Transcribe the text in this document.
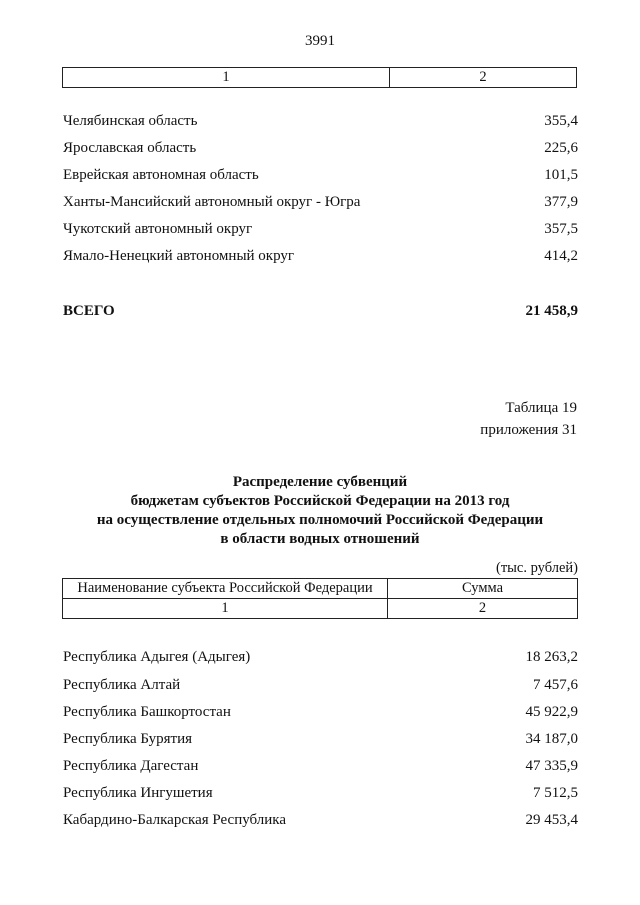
3991
1	2
Челябинская область	355,4
Ярославская область	225,6
Еврейская автономная область	101,5
Ханты-Мансийский автономный округ - Югра	377,9
Чукотский автономный округ	357,5
Ямало-Ненецкий автономный округ	414,2
ВСЕГО	21 458,9
Таблица 19
приложения 31
Распределение субвенций
бюджетам субъектов Российской Федерации на 2013 год
на осуществление отдельных полномочий Российской Федерации
в области водных отношений
(тыс. рублей)
Наименование субъекта Российской Федерации	Сумма
1	2
Республика Адыгея (Адыгея)	18 263,2
Республика Алтай	7 457,6
Республика Башкортостан	45 922,9
Республика Бурятия	34 187,0
Республика Дагестан	47 335,9
Республика Ингушетия	7 512,5
Кабардино-Балкарская Республика	29 453,4
